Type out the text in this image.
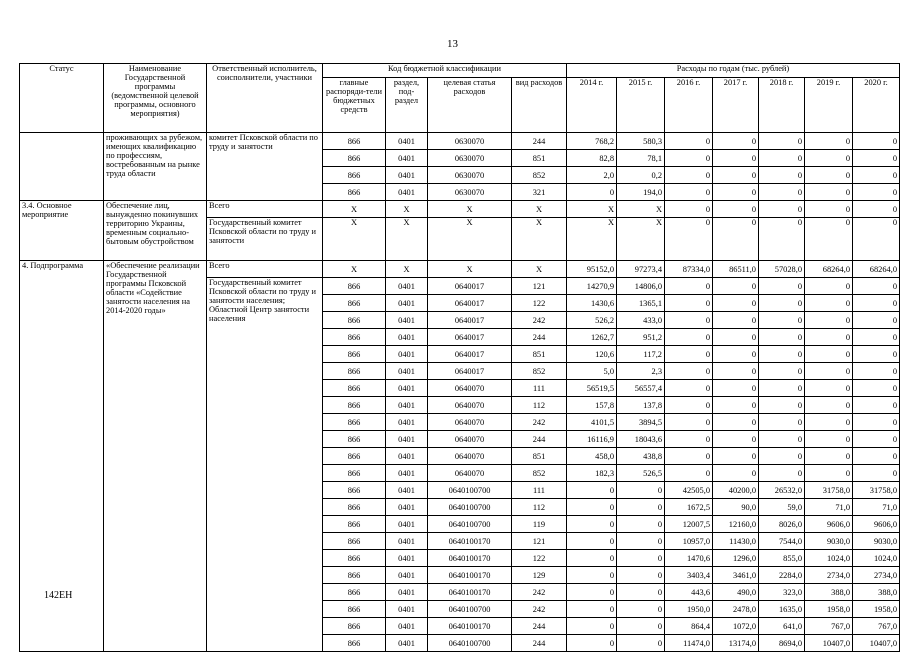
13
Статус	Наименование Государственной программы (ведомственной целевой программы, основного мероприятия)	Ответственный исполнитель, соисполнители, участники	Код бюджетной классификации				Расходы по годам (тыс. рублей)						
			главные распоряди-тели бюджетных средств	раздел, под-раздел	целевая статья расходов	вид расходов	2014 г.	2015 г.	2016 г.	2017 г.	2018 г.	2019 г.	2020 г.
	проживающих за рубежом, имеющих квалификацию по профессиям, востребованным на рынке труда области	комитет Псковской области по труду и занятости	866	0401	0630070	244	768,2	580,3	0	0	0	0	0
			866	0401	0630070	851	82,8	78,1	0	0	0	0	0
			866	0401	0630070	852	2,0	0,2	0	0	0	0	0
			866	0401	0630070	321	0	194,0	0	0	0	0	0
3.4. Основное мероприятие	Обеспечение лиц, вынужденно покинувших территорию Украины, временным социально-бытовым обустройством	Всего	X	X	X	X	X	X	0	0	0	0	0
		Государственный комитет Псковской области по труду и занятости	X	X	X	X	X	X	0	0	0	0	0
4. Подпрограмма	«Обеспечение реализации Государственной программы Псковской области «Содействие занятости населения на 2014-2020 годы»	Всего	X	X	X	X	95152,0	97273,4	87334,0	86511,0	57028,0	68264,0	68264,0
		Государственный комитет Псковской области по труду и занятости населения; Областной Центр занятости населения	866	0401	0640017	121	14270,9	14806,0	0	0	0	0	0
			866	0401	0640017	122	1430,6	1365,1	0	0	0	0	0
			866	0401	0640017	242	526,2	433,0	0	0	0	0	0
			866	0401	0640017	244	1262,7	951,2	0	0	0	0	0
			866	0401	0640017	851	120,6	117,2	0	0	0	0	0
			866	0401	0640017	852	5,0	2,3	0	0	0	0	0
			866	0401	0640070	111	56519,5	56557,4	0	0	0	0	0
			866	0401	0640070	112	157,8	137,8	0	0	0	0	0
			866	0401	0640070	242	4101,5	3894,5	0	0	0	0	0
			866	0401	0640070	244	16116,9	18043,6	0	0	0	0	0
			866	0401	0640070	851	458,0	438,8	0	0	0	0	0
			866	0401	0640070	852	182,3	526,5	0	0	0	0	0
			866	0401	0640100700	111	0	0	42505,0	40200,0	26532,0	31758,0	31758,0
			866	0401	0640100700	112	0	0	1672,5	90,0	59,0	71,0	71,0
			866	0401	0640100700	119	0	0	12007,5	12160,0	8026,0	9606,0	9606,0
			866	0401	0640100170	121	0	0	10957,0	11430,0	7544,0	9030,0	9030,0
			866	0401	0640100170	122	0	0	1470,6	1296,0	855,0	1024,0	1024,0
			866	0401	0640100170	129	0	0	3403,4	3461,0	2284,0	2734,0	2734,0
			866	0401	0640100170	242	0	0	443,6	490,0	323,0	388,0	388,0
			866	0401	0640100700	242	0	0	1950,0	2478,0	1635,0	1958,0	1958,0
			866	0401	0640100170	244	0	0	864,4	1072,0	641,0	767,0	767,0
			866	0401	0640100700	244	0	0	11474,0	13174,0	8694,0	10407,0	10407,0
142EH
